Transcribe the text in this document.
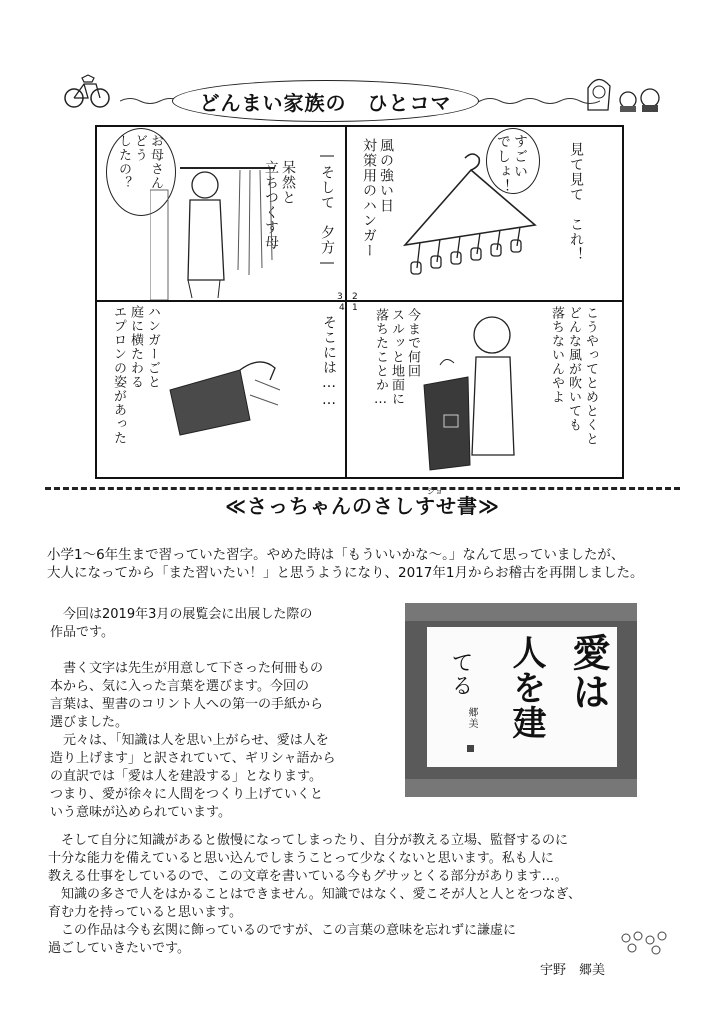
どんまい家族の　ひとコマ
見て見て　これ！
すごい
でしょ！
風の強い日
対策用のハンガー
―そして　夕方―
呆然と
立ちつくす母
お母さん
どう
したの？
こうやってとめとくと
どんな風が吹いても
落ちないんやよ
今まで何回
スルッと地面に
落ちたことか…
そこには……
ハンガーごと
庭に横たわる
エプロンの姿があった
3
4
2
1
ショ
≪さっちゃんのさしすせ書≫
小学1～6年生まで習っていた習字。やめた時は「もういいかな～。」なんて思っていましたが、
大人になってから「また習いたい！」と思うようになり、2017年1月からお稽古を再開しました。
　今回は2019年3月の展覧会に出展した際の
作品です。
　書く文字は先生が用意して下さった何冊もの
本から、気に入った言葉を選びます。今回の
言葉は、聖書のコリント人への第一の手紙から
選びました。
　元々は、「知識は人を思い上がらせ、愛は人を
造り上げます」と訳されていて、ギリシャ語から
の直訳では「愛は人を建設する」となります。
つまり、愛が徐々に人間をつくり上げていくと
いう意味が込められています。
愛は
人を建
てる
郷美
　そして自分に知識があると傲慢になってしまったり、自分が教える立場、監督するのに
十分な能力を備えていると思い込んでしまうことって少なくないと思います。私も人に
教える仕事をしているので、この文章を書いている今もグサッとくる部分があります…。
　知識の多さで人をはかることはできません。知識ではなく、愛こそが人と人とをつなぎ、
育む力を持っていると思います。
　この作品は今も玄関に飾っているのですが、この言葉の意味を忘れずに謙虚に
過ごしていきたいです。
宇野　郷美
